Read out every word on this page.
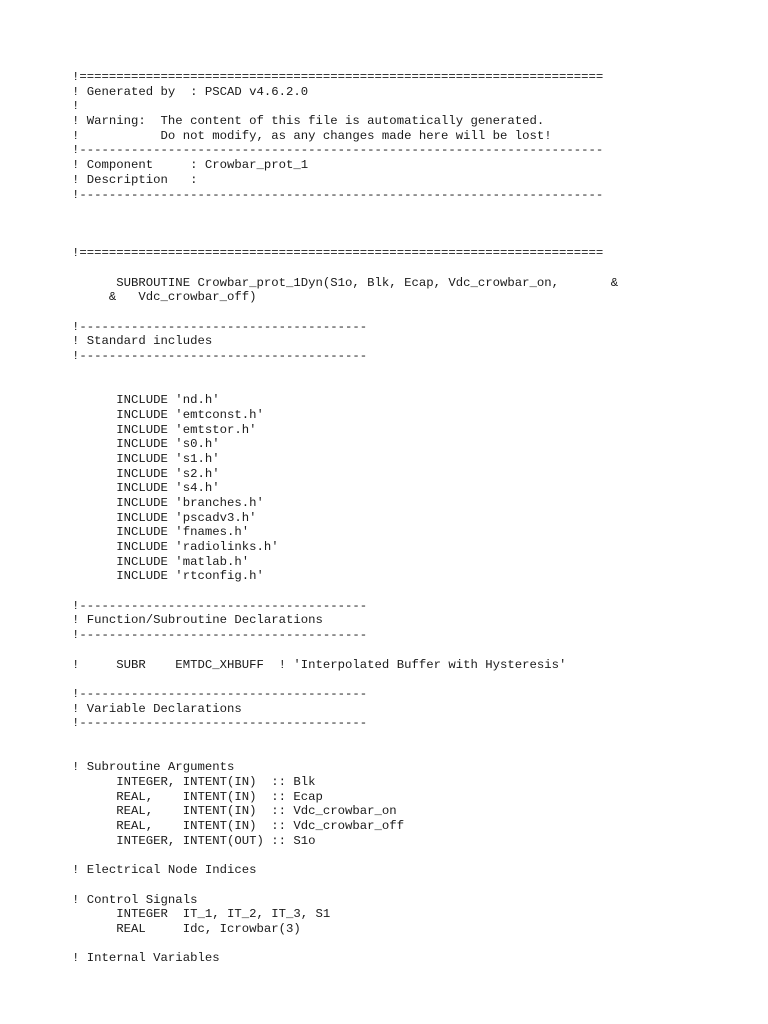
!=======================================================================
! Generated by  : PSCAD v4.6.2.0
!
! Warning:  The content of this file is automatically generated.
!           Do not modify, as any changes made here will be lost!
!-----------------------------------------------------------------------
! Component     : Crowbar_prot_1
! Description   :
!-----------------------------------------------------------------------
!=======================================================================
SUBROUTINE Crowbar_prot_1Dyn(S1o, Blk, Ecap, Vdc_crowbar_on,       &
&   Vdc_crowbar_off)
!---------------------------------------
! Standard includes
!---------------------------------------
INCLUDE 'nd.h'
INCLUDE 'emtconst.h'
INCLUDE 'emtstor.h'
INCLUDE 's0.h'
INCLUDE 's1.h'
INCLUDE 's2.h'
INCLUDE 's4.h'
INCLUDE 'branches.h'
INCLUDE 'pscadv3.h'
INCLUDE 'fnames.h'
INCLUDE 'radiolinks.h'
INCLUDE 'matlab.h'
INCLUDE 'rtconfig.h'
!---------------------------------------
! Function/Subroutine Declarations
!---------------------------------------
!     SUBR    EMTDC_XHBUFF  ! 'Interpolated Buffer with Hysteresis'
!---------------------------------------
! Variable Declarations
!---------------------------------------
! Subroutine Arguments
INTEGER, INTENT(IN)  :: Blk
REAL,    INTENT(IN)  :: Ecap
REAL,    INTENT(IN)  :: Vdc_crowbar_on
REAL,    INTENT(IN)  :: Vdc_crowbar_off
INTEGER, INTENT(OUT) :: S1o
! Electrical Node Indices
! Control Signals
INTEGER  IT_1, IT_2, IT_3, S1
REAL     Idc, Icrowbar(3)
! Internal Variables
